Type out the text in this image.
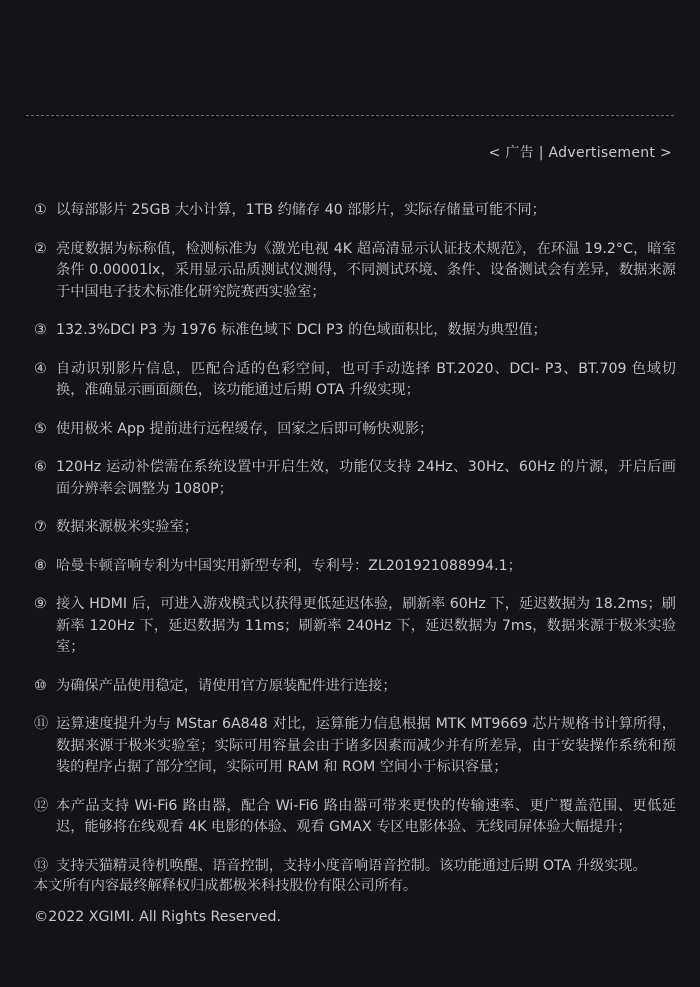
< 广告 | Advertisement >
① 以每部影片 25GB 大小计算，1TB 约储存 40 部影片，实际存储量可能不同；
② 亮度数据为标称值，检测标准为《激光电视 4K 超高清显示认证技术规范》，在环温 19.2°C，暗室条件 0.00001lx，采用显示品质测试仪测得，不同测试环境、条件、设备测试会有差异，数据来源于中国电子技术标准化研究院赛西实验室；
③ 132.3%DCI P3 为 1976 标准色域下 DCI P3 的色域面积比，数据为典型值；
④ 自动识别影片信息，匹配合适的色彩空间，也可手动选择 BT.2020、DCI- P3、BT.709 色域切换，准确显示画面颜色，该功能通过后期 OTA 升级实现；
⑤ 使用极米 App 提前进行远程缓存，回家之后即可畅快观影；
⑥ 120Hz 运动补偿需在系统设置中开启生效，功能仅支持 24Hz、30Hz、60Hz 的片源，开启后画面分辨率会调整为 1080P；
⑦ 数据来源极米实验室；
⑧ 哈曼卡顿音响专利为中国实用新型专利，专利号：ZL201921088994.1；
⑨ 接入 HDMI 后，可进入游戏模式以获得更低延迟体验，刷新率 60Hz 下，延迟数据为 18.2ms；刷新率 120Hz 下，延迟数据为 11ms；刷新率 240Hz 下，延迟数据为 7ms，数据来源于极米实验室；
⑩ 为确保产品使用稳定，请使用官方原装配件进行连接；
⑪ 运算速度提升为与 MStar 6A848 对比，运算能力信息根据 MTK MT9669 芯片规格书计算所得，数据来源于极米实验室；实际可用容量会由于诸多因素而减少并有所差异，由于安装操作系统和预装的程序占据了部分空间，实际可用 RAM 和 ROM 空间小于标识容量；
⑫ 本产品支持 Wi-Fi6 路由器，配合 Wi-Fi6 路由器可带来更快的传输速率、更广覆盖范围、更低延迟，能够将在线观看 4K 电影的体验、观看 GMAX 专区电影体验、无线同屏体验大幅提升；
⑬ 支持天猫精灵待机唤醒、语音控制，支持小度音响语音控制。该功能通过后期 OTA 升级实现。
本文所有内容最终解释权归成都极米科技股份有限公司所有。
©2022 XGIMI. All Rights Reserved.
